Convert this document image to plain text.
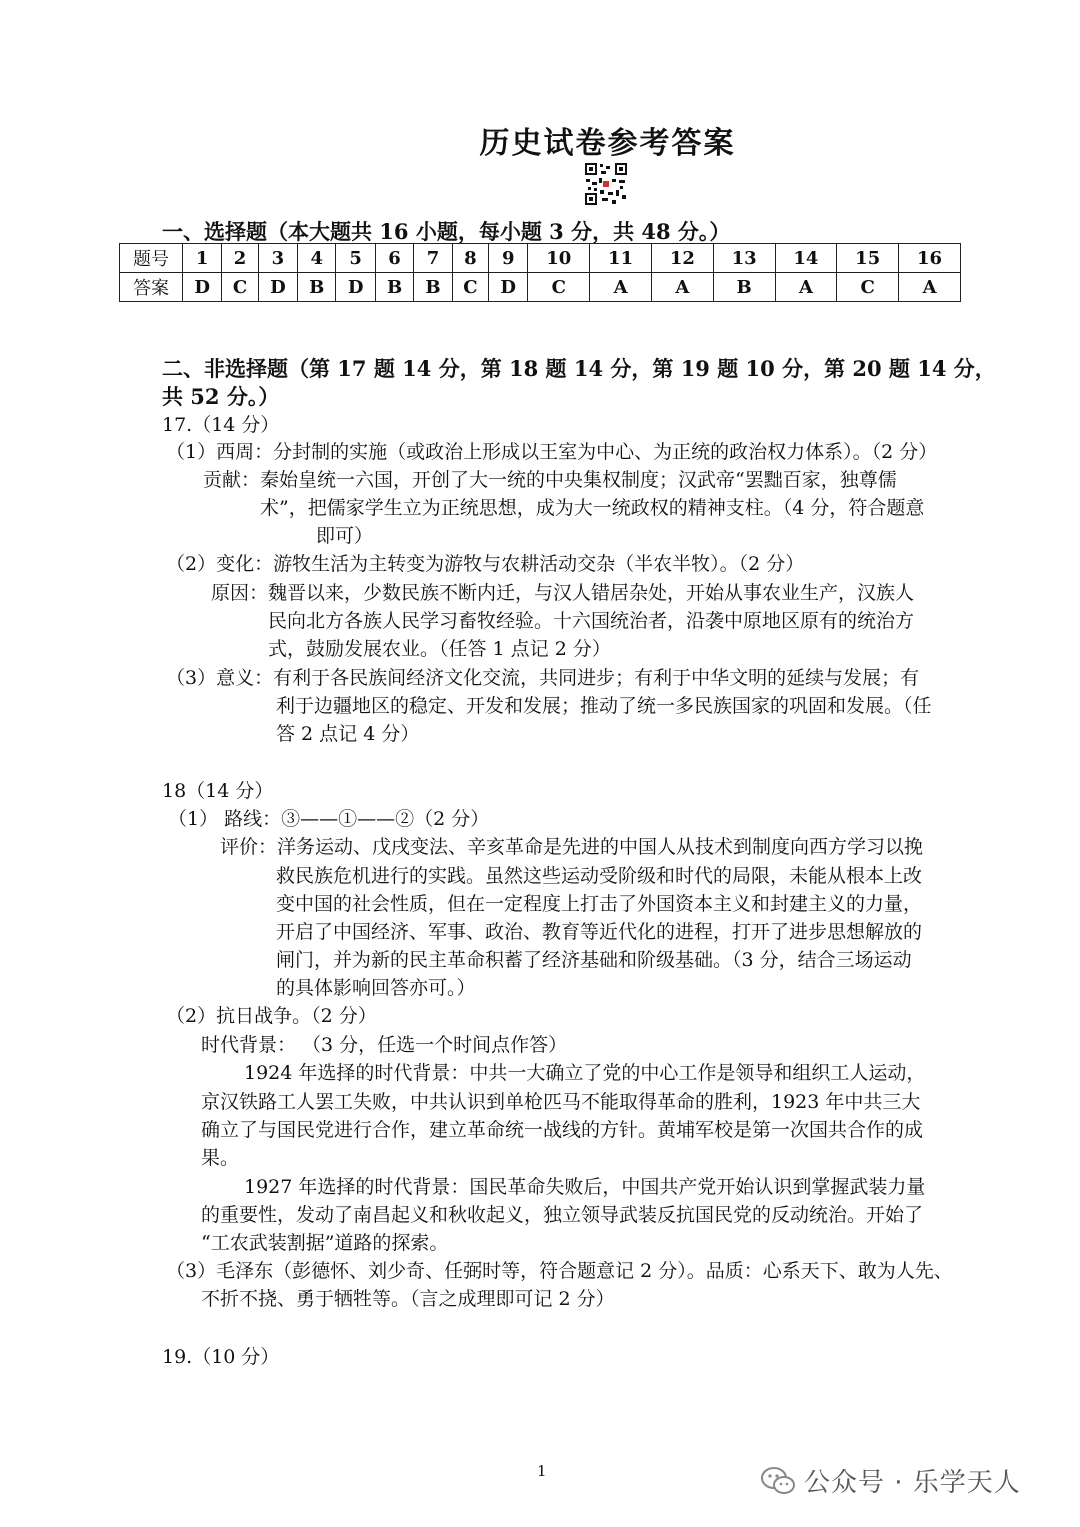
历史试卷参考答案
一、选择题（本大题共 16 小题，每小题 3 分，共 48 分。）
题号	1	2	3	4	5	6	7	8	9	10	11	12	13	14	15	16
答案	D	C	D	B	D	B	B	C	D	C	A	A	B	A	C	A
二、非选择题（第 17 题 14 分，第 18 题 14 分，第 19 题 10 分，第 20 题 14 分，
共 52 分。）
17.（14 分）
（1）西周：分封制的实施（或政治上形成以王室为中心、为正统的政治权力体系）。（2 分）
贡献：秦始皇统一六国，开创了大一统的中央集权制度；汉武帝“罢黜百家，独尊儒
术”，把儒家学生立为正统思想，成为大一统政权的精神支柱。（4 分，符合题意
即可）
（2）变化：游牧生活为主转变为游牧与农耕活动交杂（半农半牧）。（2 分）
原因：魏晋以来，少数民族不断内迁，与汉人错居杂处，开始从事农业生产，汉族人
民向北方各族人民学习畜牧经验。十六国统治者，沿袭中原地区原有的统治方
式，鼓励发展农业。（任答 1 点记 2 分）
（3）意义：有利于各民族间经济文化交流，共同进步；有利于中华文明的延续与发展；有
利于边疆地区的稳定、开发和发展；推动了统一多民族国家的巩固和发展。（任
答 2 点记 4 分）
18（14 分）
（1） 路线：③——①——②（2 分）
评价：洋务运动、戊戌变法、辛亥革命是先进的中国人从技术到制度向西方学习以挽
救民族危机进行的实践。虽然这些运动受阶级和时代的局限，未能从根本上改
变中国的社会性质，但在一定程度上打击了外国资本主义和封建主义的力量，
开启了中国经济、军事、政治、教育等近代化的进程，打开了进步思想解放的
闸门，并为新的民主革命积蓄了经济基础和阶级基础。（3 分，结合三场运动
的具体影响回答亦可。）
（2）抗日战争。（2 分）
时代背景： （3 分，任选一个时间点作答）
1924 年选择的时代背景：中共一大确立了党的中心工作是领导和组织工人运动，
京汉铁路工人罢工失败，中共认识到单枪匹马不能取得革命的胜利，1923 年中共三大
确立了与国民党进行合作，建立革命统一战线的方针。黄埔军校是第一次国共合作的成
果。
1927 年选择的时代背景：国民革命失败后，中国共产党开始认识到掌握武装力量
的重要性，发动了南昌起义和秋收起义，独立领导武装反抗国民党的反动统治。开始了
“工农武装割据”道路的探索。
（3）毛泽东（彭德怀、刘少奇、任弼时等，符合题意记 2 分）。品质：心系天下、敢为人先、
不折不挠、勇于牺牲等。（言之成理即可记 2 分）
19.（10 分）
1	公众号 · 乐学天人
